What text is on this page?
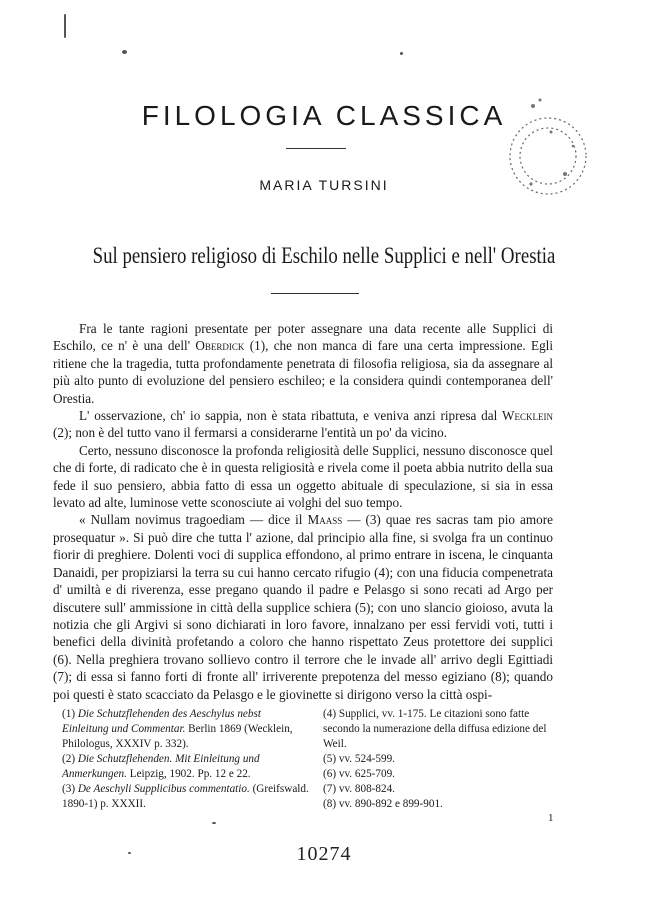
FILOLOGIA CLASSICA
MARIA TURSINI
Sul pensiero religioso di Eschilo nelle Supplici e nell' Orestia

Fra le tante ragioni presentate per poter assegnare una data recente alle Supplici di Eschilo, ce n' è una dell' Oberdick (1), che non manca di fare una certa impressione. Egli ritiene che la tragedia, tutta profondamente penetrata di filosofia religiosa, sia da assegnare al più alto punto di evoluzione del pensiero eschileo; e la considera quindi contemporanea dell' Orestia.

L' osservazione, ch' io sappia, non è stata ribattuta, e veniva anzi ripresa dal Wecklein (2); non è del tutto vano il fermarsi a considerarne l'entità un po' da vicino.

Certo, nessuno disconosce la profonda religiosità delle Supplici, nessuno disconosce quel che di forte, di radicato che è in questa religiosità e rivela come il poeta abbia nutrito della sua fede il suo pensiero, abbia fatto di essa un oggetto abituale di speculazione, si sia in essa levato ad alte, luminose vette sconosciute ai volghi del suo tempo.

« Nullam novimus tragoediam — dice il Maass — (3) quae res sacras tam pio amore prosequatur ». Si può dire che tutta l' azione, dal principio alla fine, si svolga fra un continuo fiorir di preghiere. Dolenti voci di supplica effondono, al primo entrare in iscena, le cinquanta Danaidi, per propiziarsi la terra su cui hanno cercato rifugio (4); con una fiducia compenetrata d' umiltà e di riverenza, esse pregano quando il padre e Pelasgo si sono recati ad Argo per discutere sull' ammissione in città della supplice schiera (5); con uno slancio gioioso, avuta la notizia che gli Argivi si sono dichiarati in loro favore, innalzano per essi fervidi voti, tutti i benefici della divinità profetando a coloro che hanno rispettato Zeus protettore dei supplici (6). Nella preghiera trovano sollievo contro il terrore che le invade all' arrivo degli Egittiadi (7); di essa si fanno forti di fronte all' irriverente prepotenza del messo egiziano (8); quando poi questi è stato scacciato da Pelasgo e le giovinette si dirigono verso la città ospi-

(1) Die Schutzflehenden des Aeschylus nebst Einleitung und Commentar. Berlin 1869 (Wecklein, Philologus, XXXIV p. 332).
(2) Die Schutzflehenden. Mit Einleitung und Anmerkungen. Leipzig, 1902. Pp. 12 e 22.
(3) De Aeschyli Supplicibus commentatio. (Greifswald. 1890-1) p. XXXII.
(4) Supplici, vv. 1-175. Le citazioni sono fatte secondo la numerazione della diffusa edizione del Weil.
(5) vv. 524-599.
(6) vv. 625-709.
(7) vv. 808-824.
(8) vv. 890-892 e 899-901.
1
10274
